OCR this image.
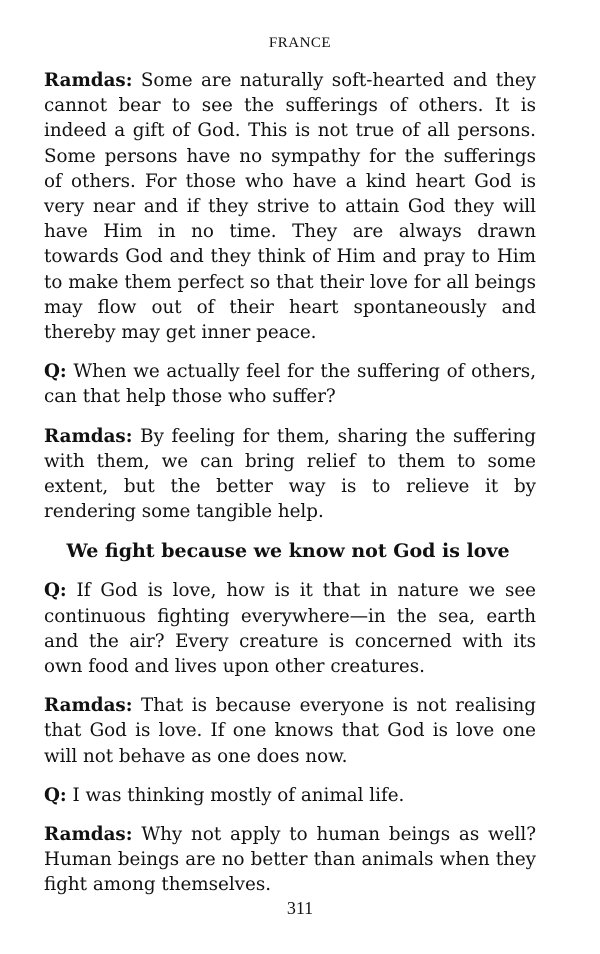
FRANCE

Ramdas: Some are naturally soft-hearted and they cannot bear to see the sufferings of others. It is indeed a gift of God. This is not true of all persons. Some persons have no sympathy for the sufferings of others. For those who have a kind heart God is very near and if they strive to attain God they will have Him in no time. They are always drawn towards God and they think of Him and pray to Him to make them perfect so that their love for all beings may flow out of their heart spontaneously and thereby may get inner peace.

Q: When we actually feel for the suffering of others, can that help those who suffer?

Ramdas: By feeling for them, sharing the suffering with them, we can bring relief to them to some extent, but the better way is to relieve it by rendering some tangible help.

We fight because we know not God is love

Q: If God is love, how is it that in nature we see continuous fighting everywhere—in the sea, earth and the air? Every creature is concerned with its own food and lives upon other creatures.

Ramdas: That is because everyone is not realising that God is love. If one knows that God is love one will not behave as one does now.

Q: I was thinking mostly of animal life.

Ramdas: Why not apply to human beings as well? Human beings are no better than animals when they fight among themselves.

311
